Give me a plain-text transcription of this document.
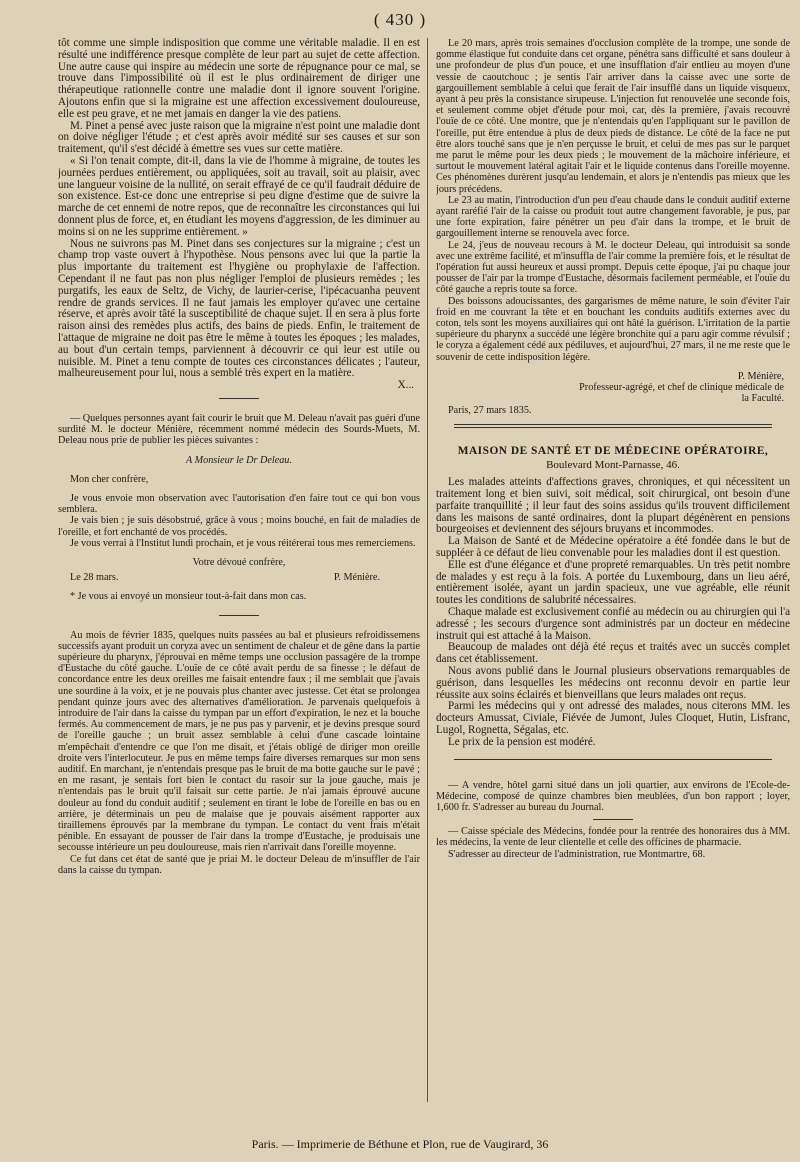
( 430 )

tôt comme une simple indisposition que comme une véritable maladie. Il en est résulté une indifférence presque complète de leur part au sujet de cette affection. Une autre cause qui inspire au médecin une sorte de répugnance pour ce mal, se trouve dans l'impossibilité où il est le plus ordinairement de diriger une thérapeutique rationnelle contre une maladie dont il ignore souvent l'origine. Ajoutons enfin que si la migraine est une affection excessivement douloureuse, elle est peu grave, et ne met jamais en danger la vie des patiens.

M. Pinet a pensé avec juste raison que la migraine n'est point une maladie dont on doive négliger l'étude ; et c'est après avoir médité sur ses causes et sur son traitement, qu'il s'est décidé à émettre ses vues sur cette matière.

« Si l'on tenait compte, dit-il, dans la vie de l'homme à migraine, de toutes les journées perdues entièrement, ou appliquées, soit au travail, soit au plaisir, avec une langueur voisine de la nullité, on serait effrayé de ce qu'il faudrait déduire de son existence. Est-ce donc une entreprise si peu digne d'estime que de suivre la marche de cet ennemi de notre repos, que de reconnaître les circonstances qui lui donnent plus de force, et, en étudiant les moyens d'aggression, de les diminuer au moins si on ne les supprime entièrement. »

Nous ne suivrons pas M. Pinet dans ses conjectures sur la migraine ; c'est un champ trop vaste ouvert à l'hypothèse. Nous pensons avec lui que la partie la plus importante du traitement est l'hygiène ou prophylaxie de l'affection. Cependant il ne faut pas non plus négliger l'emploi de plusieurs remèdes ; les purgatifs, les eaux de Seltz, de Vichy, de laurier-cerise, l'ipécacuanha peuvent rendre de grands services. Il ne faut jamais les employer qu'avec une certaine réserve, et après avoir tâté la susceptibilité de chaque sujet. Il en sera à plus forte raison ainsi des remèdes plus actifs, des bains de pieds. Enfin, le traitement de l'attaque de migraine ne doit pas être le même à toutes les époques ; les malades, au bout d'un certain temps, parviennent à découvrir ce qui leur est utile ou nuisible. M. Pinet a tenu compte de toutes ces circonstances délicates ; l'auteur, malheureusement pour lui, nous a semblé très expert en la matière.

X...

— Quelques personnes ayant fait courir le bruit que M. Deleau n'avait pas guéri d'une surdité M. le docteur Ménière, récemment nommé médecin des Sourds-Muets, M. Deleau nous prie de publier les pièces suivantes :

A Monsieur le Dr Deleau.

Mon cher confrère,

Je vous envoie mon observation avec l'autorisation d'en faire tout ce qui bon vous semblera.

Je vais bien ; je suis désobstrué, grâce à vous ; moins bouché, en fait de maladies de l'oreille, et fort enchanté de vos procédés.

Je vous verrai à l'Institut lundi prochain, et je vous réitérerai tous mes remerciemens.

Votre dévoué confrère,

Le 28 mars.	P. Ménière.

* Je vous ai envoyé un monsieur tout-à-fait dans mon cas.

Au mois de février 1835, quelques nuits passées au bal et plusieurs refroidissemens successifs ayant produit un coryza avec un sentiment de chaleur et de gêne dans la partie supérieure du pharynx, j'éprouvai en même temps une occlusion passagère de la trompe d'Eustache du côté gauche. L'ouïe de ce côté avait perdu de sa finesse ; le défaut de concordance entre les deux oreilles me faisait entendre faux ; il me semblait que j'avais une sourdine à la voix, et je ne pouvais plus chanter avec justesse. Cet état se prolongea pendant quinze jours avec des alternatives d'amélioration. Je parvenais quelquefois à introduire de l'air dans la caisse du tympan par un effort d'expiration, le nez et la bouche fermés. Au commencement de mars, je ne pus pas y parvenir, et je devins presque sourd de l'oreille gauche ; un bruit assez semblable à celui d'une cascade lointaine m'empêchait d'entendre ce que l'on me disait, et j'étais obligé de diriger mon oreille droite vers l'interlocuteur. Je pus en même temps faire diverses remarques sur mon sens auditif. En marchant, je n'entendais presque pas le bruit de ma botte gauche sur le pavé ; en me rasant, je sentais fort bien le contact du rasoir sur la joue gauche, mais je n'entendais pas le bruit qu'il faisait sur cette partie. Je n'ai jamais éprouvé aucune douleur au fond du conduit auditif ; seulement en tirant le lobe de l'oreille en bas ou en arrière, je déterminais un peu de malaise que je pouvais aisément rapporter aux tiraillemens éprouvés par la membrane du tympan. Le contact du vent frais m'était pénible. En essayant de pousser de l'air dans la trompe d'Eustache, je produisais une secousse intérieure un peu douloureuse, mais rien n'arrivait dans l'oreille moyenne.

Ce fut dans cet état de santé que je priai M. le docteur Deleau de m'insuffler de l'air dans la caisse du tympan.

Le 20 mars, après trois semaines d'occlusion complète de la trompe, une sonde de gomme élastique fut conduite dans cet organe, pénétra sans difficulté et sans douleur à une profondeur de plus d'un pouce, et une insufflation d'air entlieu au moyen d'une vessie de caoutchouc ; je sentis l'air arriver dans la caisse avec une sorte de gargouillement semblable à celui que ferait de l'air insufflé dans un liquide visqueux, ayant à peu près la consistance sirupeuse. L'injection fut renouvelée une seconde fois, et seulement comme objet d'étude pour moi, car, dès la première, j'avais recouvré l'ouïe de ce côté. Une montre, que je n'entendais qu'en l'appliquant sur le pavillon de l'oreille, put être entendue à plus de deux pieds de distance. Le côté de la face ne put être alors touché sans que je n'en perçusse le bruit, et celui de mes pas sur le parquet me parut le même pour les deux pieds ; le mouvement de la mâchoire inférieure, et surtout le mouvement latéral agitait l'air et le liquide contenus dans l'oreille moyenne. Ces phénomènes durèrent jusqu'au lendemain, et alors je n'entendis pas mieux que les jours précédens.

Le 23 au matin, l'introduction d'un peu d'eau chaude dans le conduit auditif externe ayant raréfié l'air de la caisse ou produit tout autre changement favorable, je pus, par une forte expiration, faire pénétrer un peu d'air dans la trompe, et le bruit de gargouillement interne se renouvela avec force.

Le 24, j'eus de nouveau recours à M. le docteur Deleau, qui introduisit sa sonde avec une extrême facilité, et m'insuffla de l'air comme la première fois, et le résultat de l'opération fut aussi heureux et aussi prompt. Depuis cette époque, j'ai pu chaque jour pousser de l'air par la trompe d'Eustache, désormais facilement perméable, et l'ouïe du côté gauche a repris toute sa force.

Des boissons adoucissantes, des gargarismes de même nature, le soin d'éviter l'air froid en me couvrant la tête et en bouchant les conduits auditifs externes avec du coton, tels sont les moyens auxiliaires qui ont hâté la guérison. L'irritation de la partie supérieure du pharynx a succédé une légère bronchite qui a paru agir comme révulsif ; le coryza a également cédé aux pédiluves, et aujourd'hui, 27 mars, il ne me reste que le souvenir de cette indisposition légère.

P. Ménière,

Professeur-agrégé, et chef de clinique médicale de la Faculté.

Paris, 27 mars 1835.

MAISON DE SANTÉ ET DE MÉDECINE OPÉRATOIRE,

Boulevard Mont-Parnasse, 46.

Les malades atteints d'affections graves, chroniques, et qui nécessitent un traitement long et bien suivi, soit médical, soit chirurgical, ont besoin d'une parfaite tranquillité ; il leur faut des soins assidus qu'ils trouvent difficilement dans les maisons de santé ordinaires, dont la plupart dégénèrent en pensions bourgeoises et deviennent des séjours bruyans et incommodes.

La Maison de Santé et de Médecine opératoire a été fondée dans le but de suppléer à ce défaut de lieu convenable pour les maladies dont il est question.

Elle est d'une élégance et d'une propreté remarquables. Un très petit nombre de malades y est reçu à la fois. A portée du Luxembourg, dans un lieu aéré, entièrement isolée, ayant un jardin spacieux, une vue agréable, elle réunit toutes les conditions de salubrité nécessaires.

Chaque malade est exclusivement confié au médecin ou au chirurgien qui l'a adressé ; les secours d'urgence sont administrés par un docteur en médecine instruit qui est attaché à la Maison.

Beaucoup de malades ont déjà été reçus et traités avec un succès complet dans cet établissement.

Nous avons publié dans le Journal plusieurs observations remarquables de guérison, dans lesquelles les médecins ont reconnu devoir en partie leur réussite aux soins éclairés et bienveillans que leurs malades ont reçus.

Parmi les médecins qui y ont adressé des malades, nous citerons MM. les docteurs Amussat, Civiale, Fiévée de Jumont, Jules Cloquet, Hutin, Lisfranc, Lugol, Rognetta, Ségalas, etc.

Le prix de la pension est modéré.

— A vendre, hôtel garni situé dans un joli quartier, aux environs de l'Ecole-de-Médecine, composé de quinze chambres bien meublées, d'un bon rapport ; loyer, 1,600 fr. S'adresser au bureau du Journal.

— Caisse spéciale des Médecins, fondée pour la rentrée des honoraires dus à MM. les médecins, la vente de leur clientelle et celle des officines de pharmacie.

S'adresser au directeur de l'administration, rue Montmartre, 68.

Paris. — Imprimerie de Béthune et Plon, rue de Vaugirard, 36
